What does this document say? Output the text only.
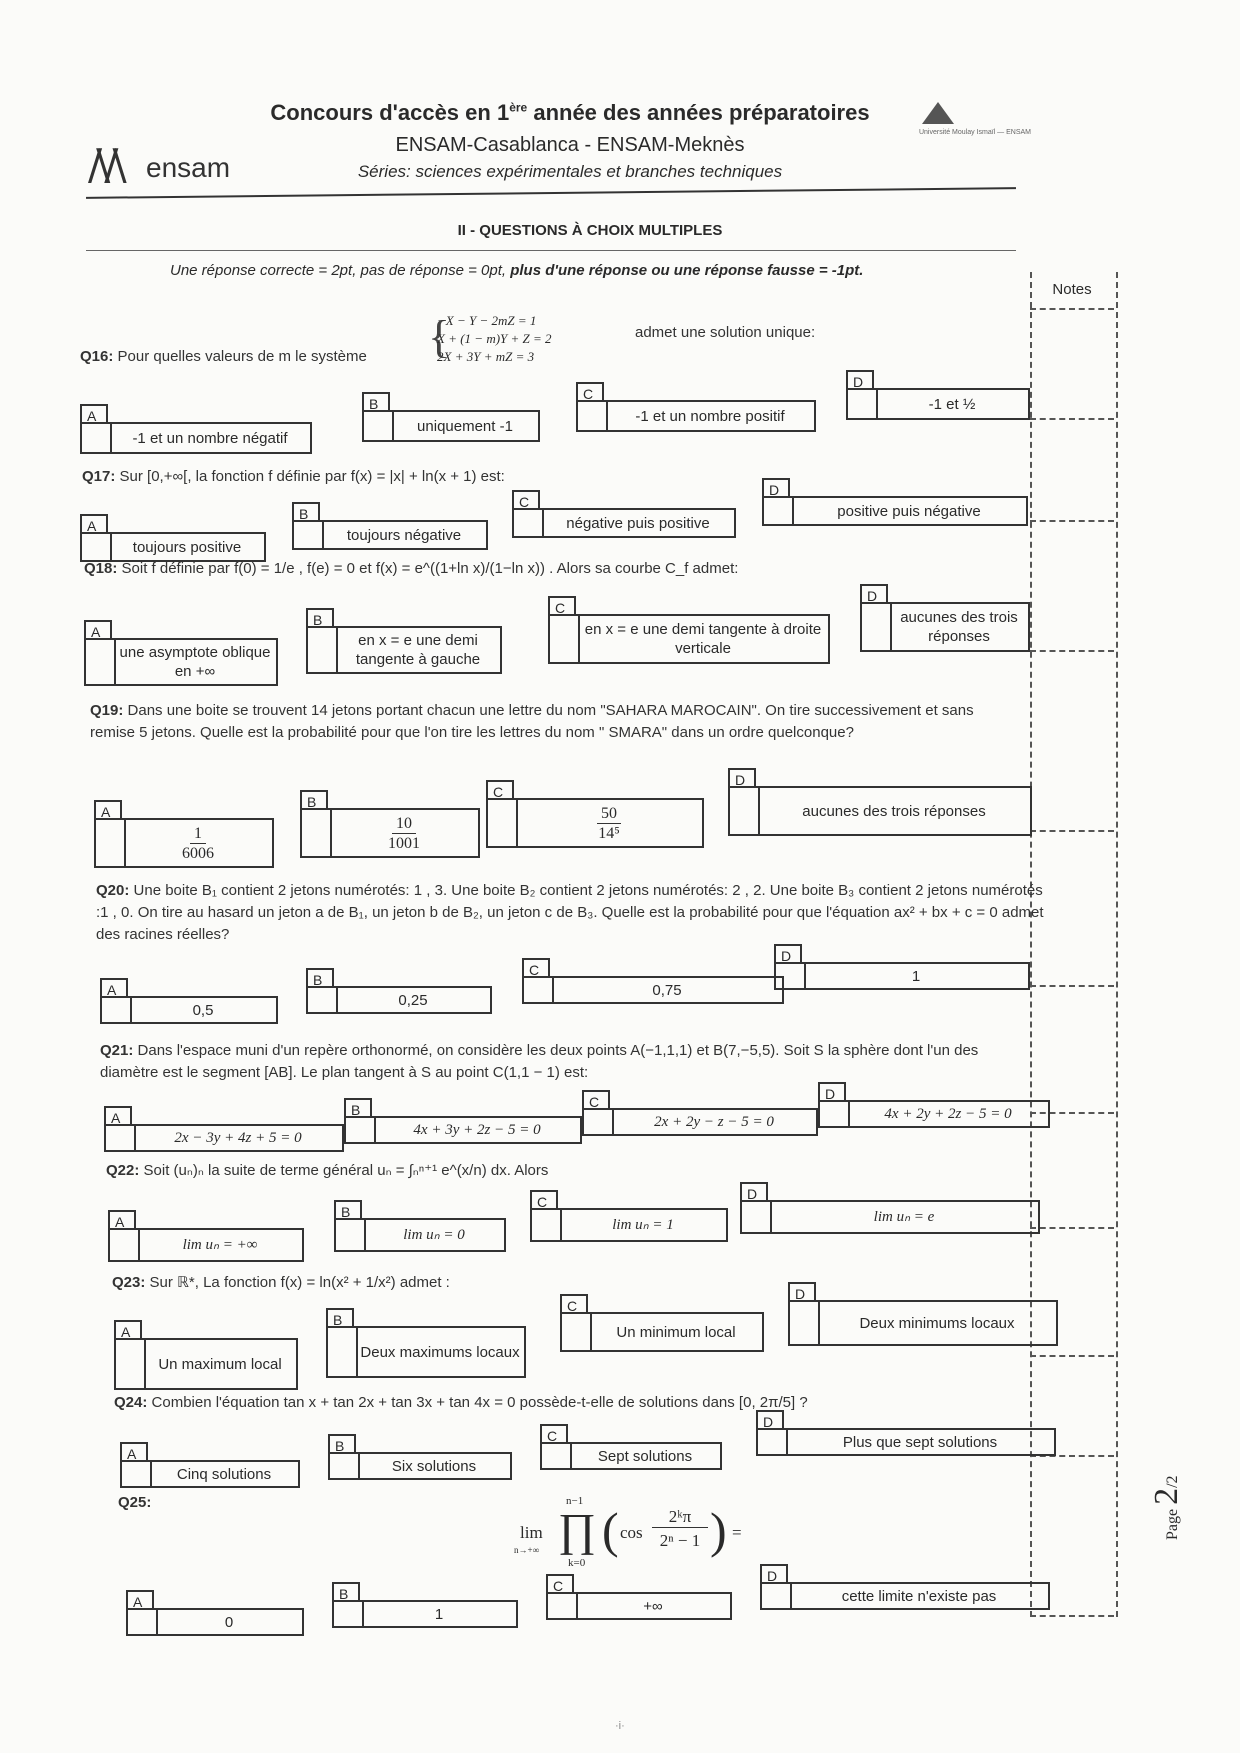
/\/\ ensam
Université Moulay Ismaïl — ENSAM
Concours d'accès en 1ère année des années préparatoires
ENSAM-Casablanca - ENSAM-Meknès
Séries: sciences expérimentales et branches techniques
II - QUESTIONS À CHOIX MULTIPLES
Une réponse correcte = 2pt, pas de réponse = 0pt, plus d'une réponse ou une réponse fausse = -1pt.
Notes
Page 2/2
Q16: Pour quelles valeurs de m le système {
−X − Y − 2mZ = 1
X + (1 − m)Y + Z = 2
2X + 3Y + mZ = 3
admet une solution unique:
A
-1 et un nombre négatif
B
uniquement -1
C
-1 et un nombre positif
D
-1 et ½
Q17: Sur [0,+∞[, la fonction f définie par f(x) = |x| + ln(x + 1) est:
A
toujours positive
B
toujours négative
C
négative puis positive
D
positive puis négative
Q18: Soit f définie par f(0) = 1/e , f(e) = 0 et f(x) = e^((1+ln x)/(1−ln x)) . Alors sa courbe C_f admet:
A
une asymptote oblique en +∞
B
en x = e une demi tangente à gauche
C
en x = e une demi tangente à droite verticale
D
aucunes des trois réponses
Q19: Dans une boite se trouvent 14 jetons portant chacun une lettre du nom "SAHARA MAROCAIN". On tire successivement et sans remise 5 jetons. Quelle est la probabilité pour que l'on tire les lettres du nom " SMARA" dans un ordre quelconque?
A
$\frac{1}{6006}$
B
$\frac{10}{1001}$
C
$\frac{50}{\text{14⁵}}$
D
aucunes des trois réponses
Q20: Une boite B₁ contient 2 jetons numérotés: 1 , 3. Une boite B₂ contient 2 jetons numérotés: 2 , 2. Une boite B₃ contient 2 jetons numérotés :1 , 0. On tire au hasard un jeton a de B₁, un jeton b de B₂, un jeton c de B₃. Quelle est la probabilité pour que l'équation ax² + bx + c = 0 admet des racines réelles?
A
0,5
B
0,25
C
0,75
D
1
Q21: Dans l'espace muni d'un repère orthonormé, on considère les deux points A(−1,1,1) et B(7,−5,5). Soit S la sphère dont l'un des diamètre est le segment [AB]. Le plan tangent à S au point C(1,1 − 1) est:
A
2x − 3y + 4z + 5 = 0
B
4x + 3y + 2z − 5 = 0
C
2x + 2y − z − 5 = 0
D
4x + 2y + 2z − 5 = 0
Q22: Soit (uₙ)ₙ la suite de terme général uₙ = ∫ₙⁿ⁺¹ e^(x/n) dx. Alors
A
lim uₙ = +∞
B
lim uₙ = 0
C
lim uₙ = 1
D
lim uₙ = e
Q23: Sur ℝ*, La fonction f(x) = ln(x² + 1/x²) admet :
A
Un maximum local
B
Deux maximums locaux
C
Un minimum local
D
Deux minimums locaux
Q24: Combien l'équation tan x + tan 2x + tan 3x + tan 4x = 0 possède-t-elle de solutions dans [0, 2π/5] ?
A
Cinq solutions
B
Six solutions
C
Sept solutions
D
Plus que sept solutions
Q25:
lim
n→+∞
n−1
∏
k=0
( cos
2ᵏπ
2ⁿ − 1 ) =
A
0
B
1
C
+∞
D
cette limite n'existe pas
·i·
